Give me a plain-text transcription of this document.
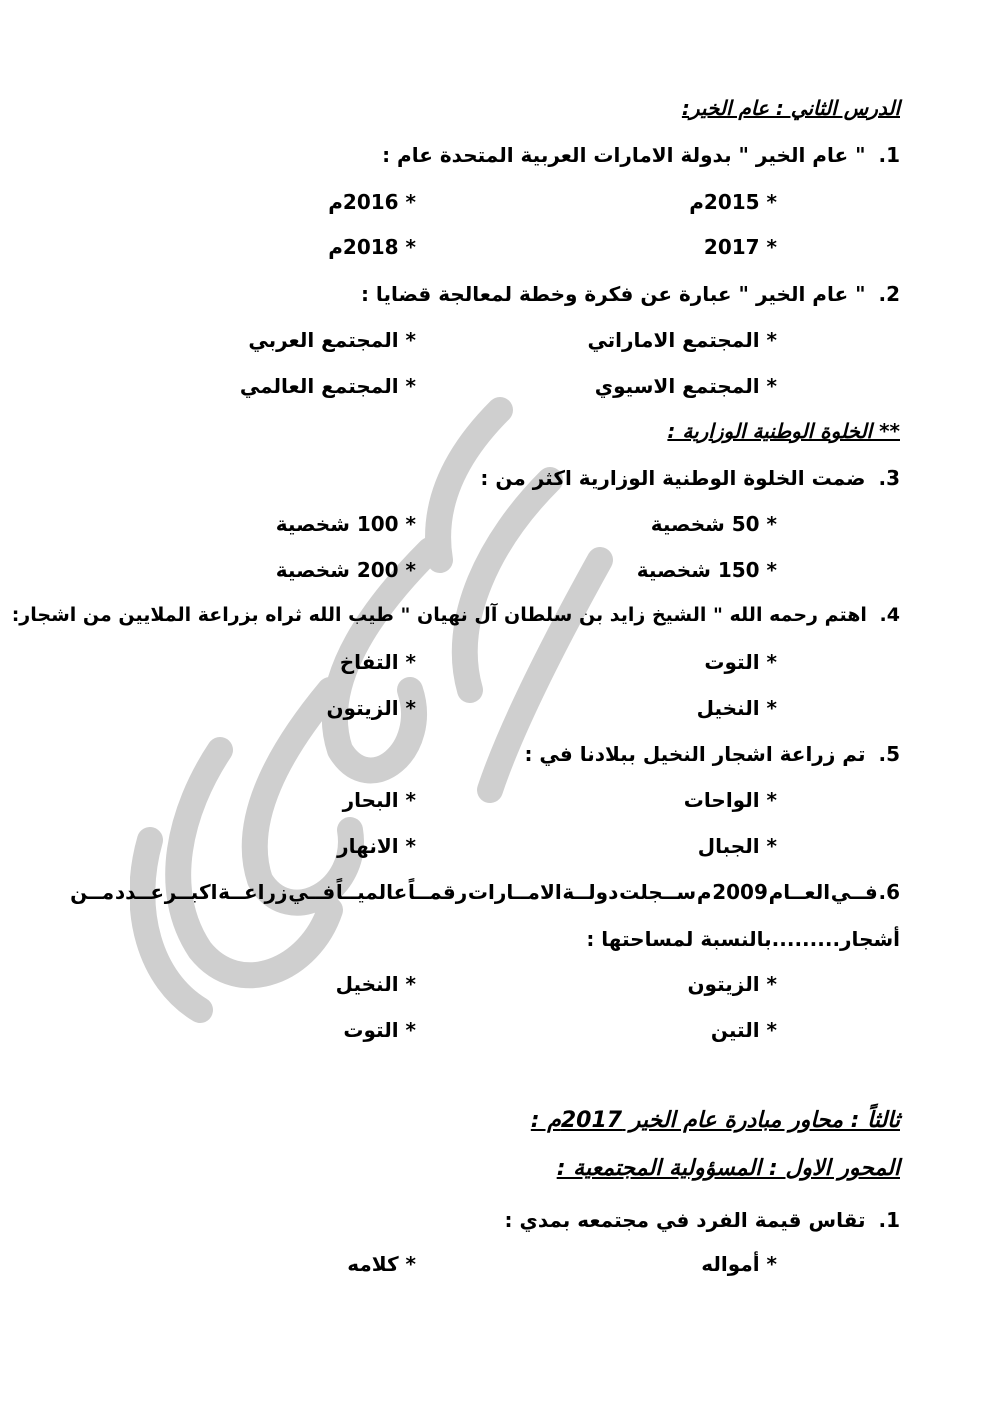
الدرس الثاني : عام الخير:
1. " عام الخير " بدولة الامارات العربية المتحدة عام :
* 2015م
* 2016م
* 2017
* 2018م
2. " عام الخير " عبارة عن فكرة وخطة لمعالجة قضايا :
* المجتمع الاماراتي
* المجتمع العربي
* المجتمع الاسيوي
* المجتمع العالمي
** الخلوة الوطنية الوزارية :
3. ضمت الخلوة الوطنية الوزارية اكثر من :
* 50 شخصية
* 100 شخصية
* 150 شخصية
* 200 شخصية
4. اهتم رحمه الله " الشيخ زايد بن سلطان آل نهيان " طيب الله ثراه بزراعة الملايين من اشجار:
* التوت
* التفاخ
* النخيل
* الزيتون
5. تم زراعة اشجار النخيل ببلادنا في :
* الواحات
* البحار
* الجبال
* الانهار
6.
فــي
العــام
2009
م
ســجلت
دولــة
الامــارات
رقمــاً
عالميــاً
فــي
زراعــة
اكبــر
عــدد
مــن
أشجار.........بالنسبة لمساحتها :
* الزيتون
* النخيل
* التين
* التوت
ثالثاً : محاور مبادرة عام الخير 2017م :
المحور الاول : المسؤولية المجتمعية :
1. تقاس قيمة الفرد في مجتمعه بمدي :
* أمواله
* كلامه
